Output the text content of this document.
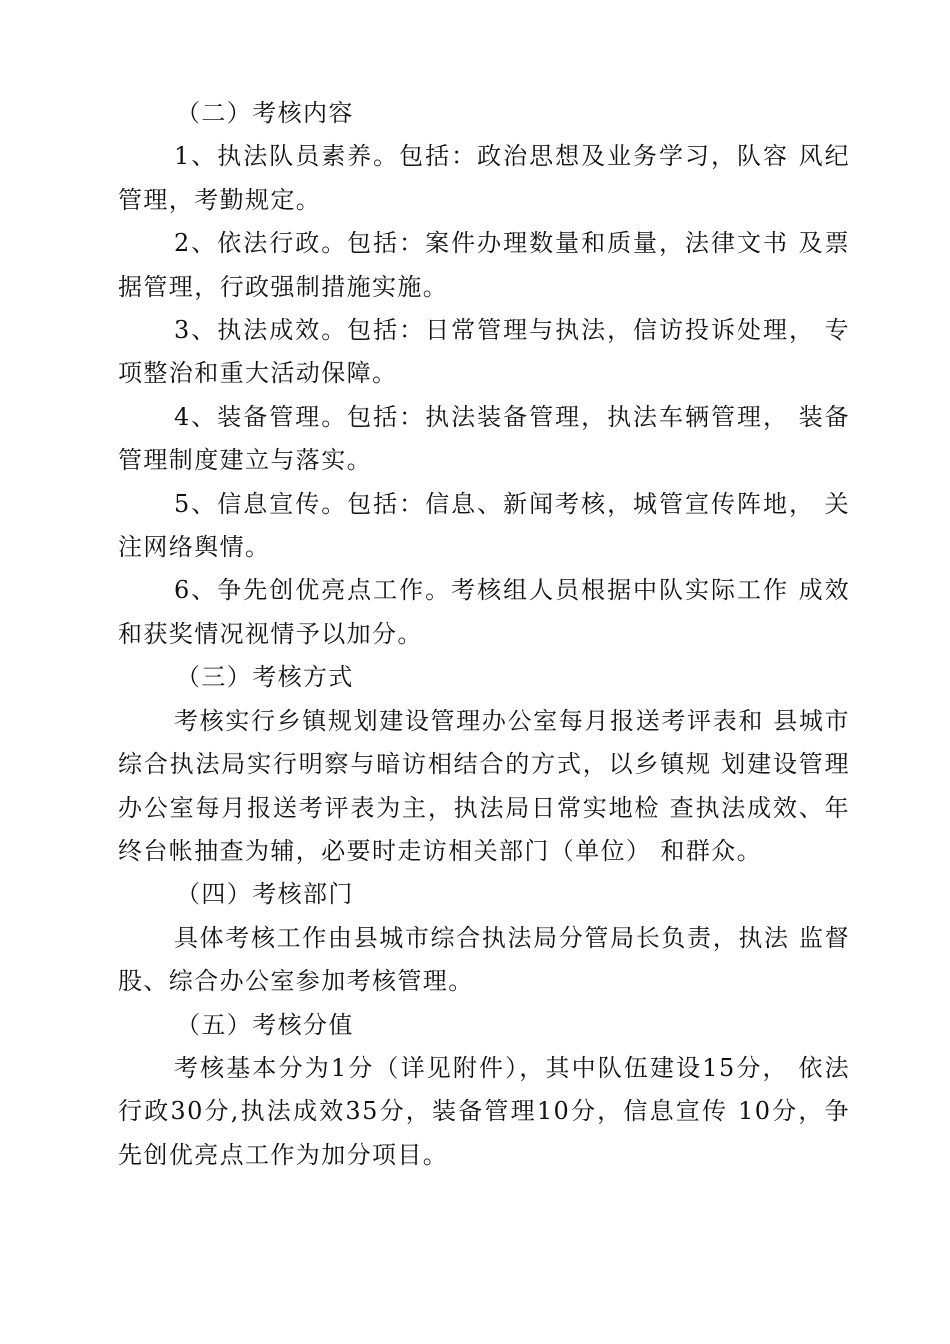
（二）考核内容

1、执法队员素养。包括：政治思想及业务学习，队容 风纪管理，考勤规定。

2、依法行政。包括：案件办理数量和质量，法律文书 及票据管理，行政强制措施实施。

3、执法成效。包括：日常管理与执法，信访投诉处理， 专项整治和重大活动保障。

4、装备管理。包括：执法装备管理，执法车辆管理， 装备管理制度建立与落实。

5、信息宣传。包括：信息、新闻考核，城管宣传阵地， 关注网络舆情。

6、争先创优亮点工作。考核组人员根据中队实际工作 成效和获奖情况视情予以加分。

（三）考核方式

考核实行乡镇规划建设管理办公室每月报送考评表和 县城市综合执法局实行明察与暗访相结合的方式，以乡镇规 划建设管理办公室每月报送考评表为主，执法局日常实地检 查执法成效、年终台帐抽查为辅，必要时走访相关部门（单位） 和群众。

（四）考核部门

具体考核工作由县城市综合执法局分管局长负责，执法 监督股、综合办公室参加考核管理。

（五）考核分值

考核基本分为1分（详见附件），其中队伍建设15分， 依法行政30分,执法成效35分，装备管理10分，信息宣传 10分，争先创优亮点工作为加分项目。
